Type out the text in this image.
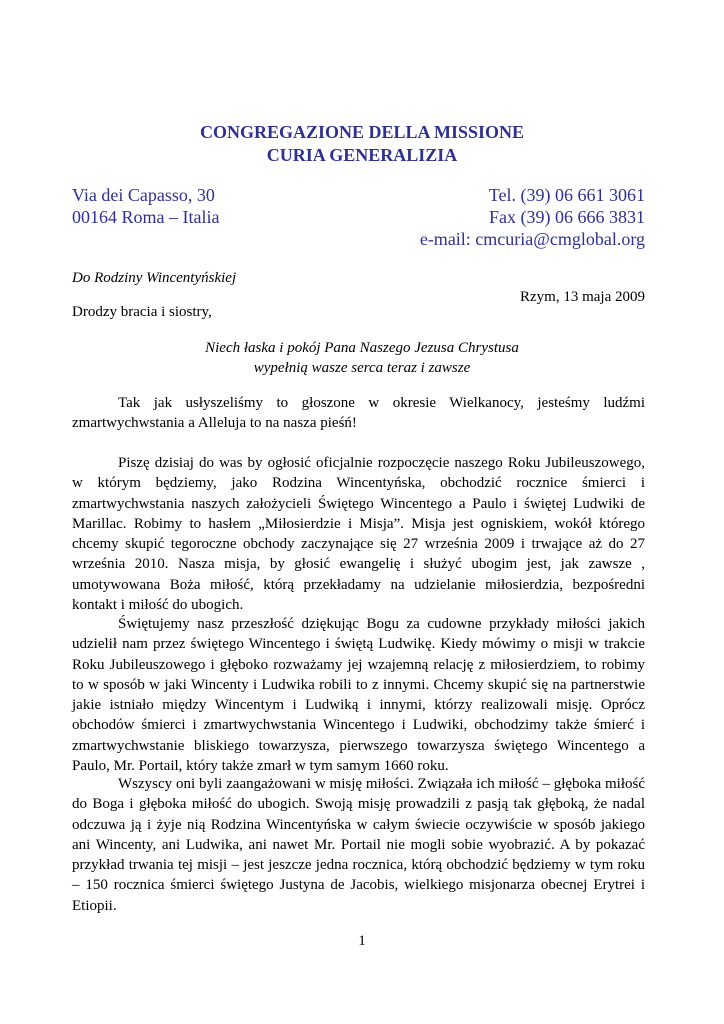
CONGREGAZIONE DELLA MISSIONE
CURIA GENERALIZIA
Via dei Capasso, 30
00164 Roma – Italia
Tel. (39) 06 661 3061
Fax (39) 06 666 3831
e-mail: cmcuria@cmglobal.org
Do Rodziny Wincentyńskiej
Rzym, 13 maja 2009
Drodzy bracia i siostry,
Niech łaska i pokój Pana Naszego Jezusa Chrystusa
wypełnią wasze serca teraz i zawsze

Tak jak usłyszeliśmy to głoszone w okresie Wielkanocy, jesteśmy ludźmi zmartwychwstania a Alleluja to na nasza pieśń!

Piszę dzisiaj do was by ogłosić oficjalnie rozpoczęcie naszego Roku Jubileuszowego, w którym będziemy, jako Rodzina Wincentyńska, obchodzić rocznice śmierci i zmartwychwstania naszych założycieli Świętego Wincentego a Paulo i świętej Ludwiki de Marillac. Robimy to hasłem „Miłosierdzie i Misja”. Misja jest ogniskiem, wokół którego chcemy skupić tegoroczne obchody zaczynające się 27 września 2009 i trwające aż do 27 września 2010. Nasza misja, by głosić ewangelię i służyć ubogim jest, jak zawsze , umotywowana Boża miłość, którą przekładamy na udzielanie miłosierdzia, bezpośredni kontakt i miłość do ubogich.

Świętujemy nasz przeszłość dziękując Bogu za cudowne przykłady miłości jakich udzielił nam przez świętego Wincentego i świętą Ludwikę. Kiedy mówimy o misji w trakcie Roku Jubileuszowego i głęboko rozważamy jej wzajemną relację z miłosierdziem, to robimy to w sposób w jaki Wincenty i Ludwika robili to z innymi. Chcemy skupić się na partnerstwie jakie istniało między Wincentym i Ludwiką i innymi, którzy realizowali misję. Oprócz obchodów śmierci i zmartwychwstania Wincentego i Ludwiki, obchodzimy także śmierć i zmartwychwstanie bliskiego towarzysza, pierwszego towarzysza świętego Wincentego a Paulo, Mr. Portail, który także zmarł w tym samym 1660 roku.

Wszyscy oni byli zaangażowani w misję miłości. Związała ich miłość – głęboka miłość do Boga i głęboka miłość do ubogich. Swoją misję prowadzili z pasją tak głęboką, że nadal odczuwa ją i żyje nią Rodzina Wincentyńska w całym świecie oczywiście w sposób jakiego ani Wincenty, ani Ludwika, ani nawet Mr. Portail nie mogli sobie wyobrazić. A by pokazać przykład trwania tej misji – jest jeszcze jedna rocznica, którą obchodzić będziemy w tym roku – 150 rocznica śmierci świętego Justyna de Jacobis, wielkiego misjonarza obecnej Erytrei i Etiopii.

1
